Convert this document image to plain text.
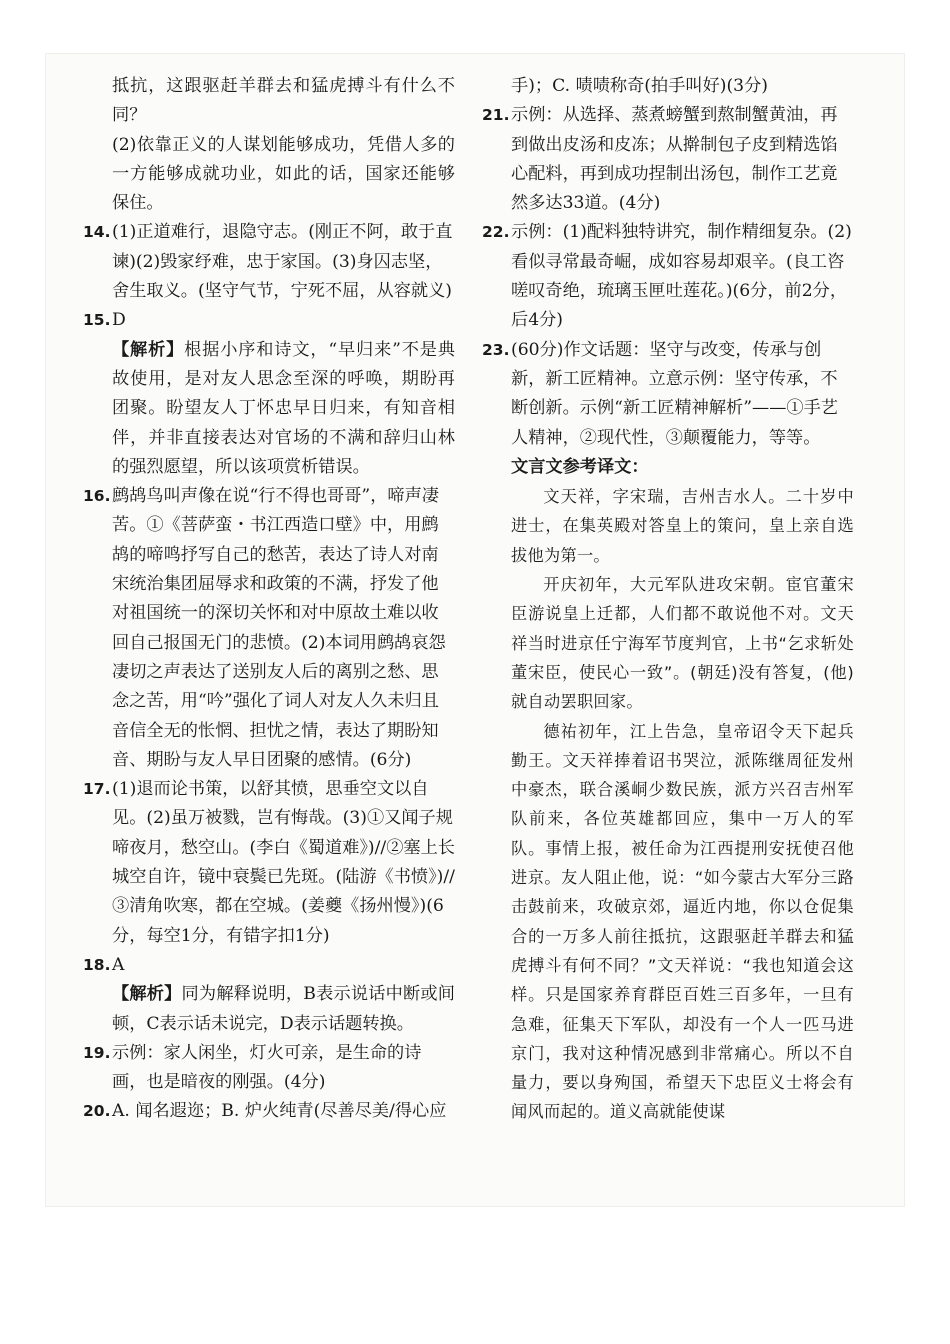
抵抗，这跟驱赶羊群去和猛虎搏斗有什么不同？

(2)依靠正义的人谋划能够成功，凭借人多的一方能够成就功业，如此的话，国家还能够保住。

14. (1)正道难行，退隐守志。(刚正不阿，敢于直谏)(2)毁家纾难，忠于家国。(3)身囚志坚，舍生取义。(坚守气节，宁死不屈，从容就义)
15. D

【解析】根据小序和诗文，“早归来”不是典故使用，是对友人思念至深的呼唤，期盼再团聚。盼望友人丁怀忠早日归来，有知音相伴，并非直接表达对官场的不满和辞归山林的强烈愿望，所以该项赏析错误。

16. 鹧鸪鸟叫声像在说“行不得也哥哥”，啼声凄苦。①《菩萨蛮・书江西造口壁》中，用鹧鸪的啼鸣抒写自己的愁苦，表达了诗人对南宋统治集团屈辱求和政策的不满，抒发了他对祖国统一的深切关怀和对中原故土难以收回自己报国无门的悲愤。(2)本词用鹧鸪哀怨凄切之声表达了送别友人后的离别之愁、思念之苦，用“吟”强化了词人对友人久未归且音信全无的怅惘、担忧之情，表达了期盼知音、期盼与友人早日团聚的感情。(6分)
17. (1)退而论书策，以舒其愤，思垂空文以自见。(2)虽万被戮，岂有悔哉。(3)①又闻子规啼夜月，愁空山。(李白《蜀道难》)//②塞上长城空自许，镜中衰鬓已先斑。(陆游《书愤》)//③清角吹寒，都在空城。(姜夔《扬州慢》)(6分，每空1分，有错字扣1分)
18. A

【解析】同为解释说明，B表示说话中断或间顿，C表示话未说完，D表示话题转换。

19. 示例：家人闲坐，灯火可亲，是生命的诗画，也是暗夜的刚强。(4分)
20. A. 闻名遐迩；B. 炉火纯青(尽善尽美/得心应

手)；C. 啧啧称奇(拍手叫好)(3分)

21. 示例：从选择、蒸煮螃蟹到熬制蟹黄油，再到做出皮汤和皮冻；从擀制包子皮到精选馅心配料，再到成功捏制出汤包，制作工艺竟然多达33道。(4分)
22. 示例：(1)配料独特讲究，制作精细复杂。(2)看似寻常最奇崛，成如容易却艰辛。(良工咨嗟叹奇绝，琉璃玉匣吐莲花。)(6分，前2分，后4分)
23. (60分)作文话题：坚守与改变，传承与创新，新工匠精神。立意示例：坚守传承，不断创新。示例“新工匠精神解析”——①手艺人精神，②现代性，③颠覆能力，等等。

文言文参考译文：

文天祥，字宋瑞，吉州吉水人。二十岁中进士，在集英殿对答皇上的策问，皇上亲自选拔他为第一。

开庆初年，大元军队进攻宋朝。宦官董宋臣游说皇上迁都，人们都不敢说他不对。文天祥当时进京任宁海军节度判官，上书“乞求斩处董宋臣，使民心一致”。(朝廷)没有答复，(他)就自动罢职回家。

德祐初年，江上告急，皇帝诏令天下起兵勤王。文天祥捧着诏书哭泣，派陈继周征发州中豪杰，联合溪峒少数民族，派方兴召吉州军队前来，各位英雄都回应，集中一万人的军队。事情上报，被任命为江西提刑安抚使召他进京。友人阻止他，说：“如今蒙古大军分三路击鼓前来，攻破京郊，逼近内地，你以仓促集合的一万多人前往抵抗，这跟驱赶羊群去和猛虎搏斗有何不同？”文天祥说：“我也知道会这样。只是国家养育群臣百姓三百多年，一旦有急难，征集天下军队，却没有一个人一匹马进京门，我对这种情况感到非常痛心。所以不自量力，要以身殉国，希望天下忠臣义士将会有闻风而起的。道义高就能使谋
